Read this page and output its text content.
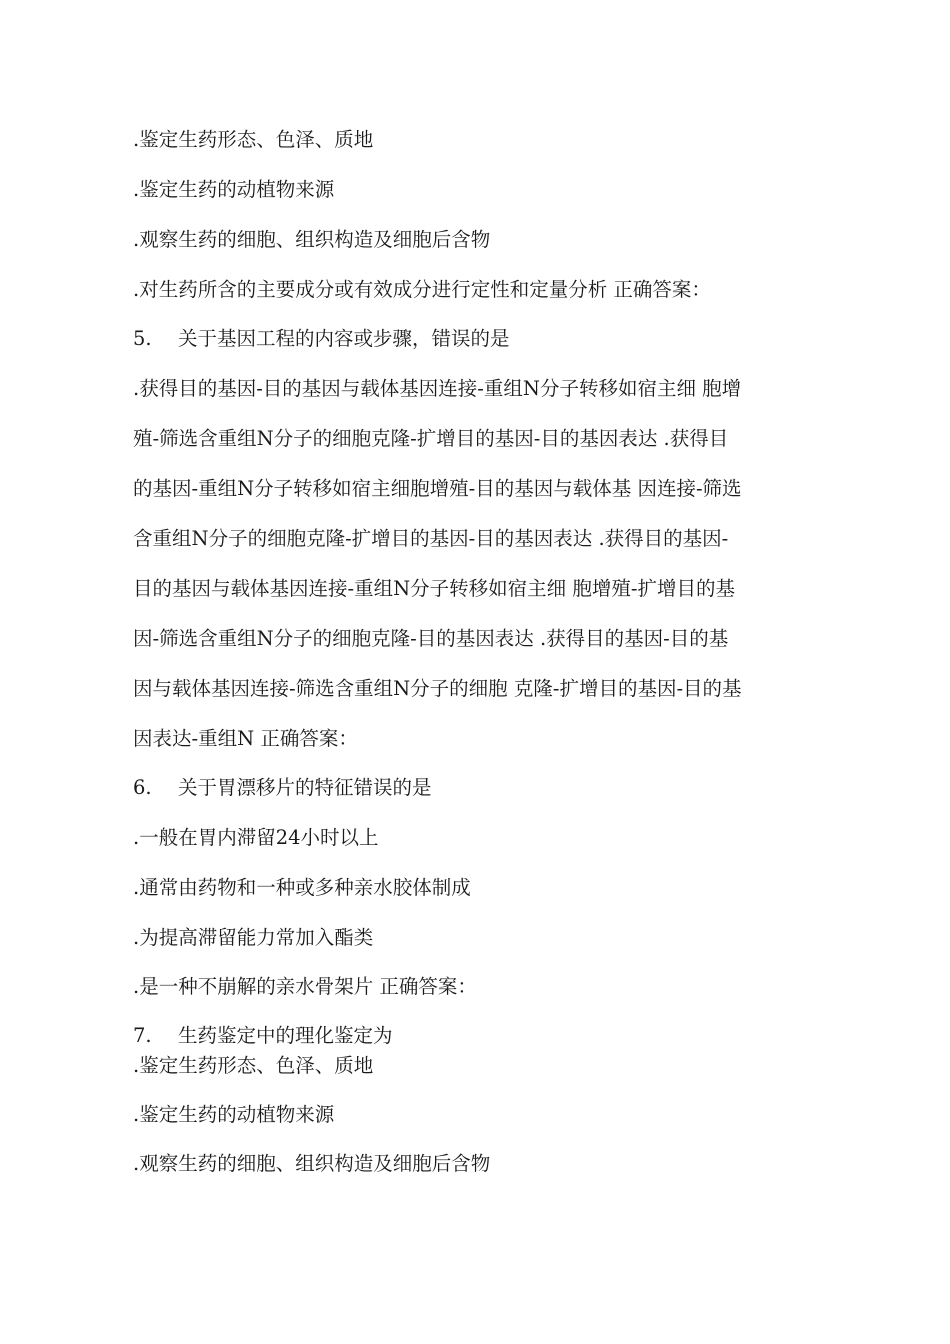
.鉴定生药形态、色泽、质地
.鉴定生药的动植物来源
.观察生药的细胞、组织构造及细胞后含物
.对生药所含的主要成分或有效成分进行定性和定量分析 正确答案：
5. 关于基因工程的内容或步骤，错误的是
.获得目的基因-目的基因与载体基因连接-重组N分子转移如宿主细 胞增
殖-筛选含重组N分子的细胞克隆-扩增目的基因-目的基因表达 .获得目
的基因-重组N分子转移如宿主细胞增殖-目的基因与载体基 因连接-筛选
含重组N分子的细胞克隆-扩增目的基因-目的基因表达 .获得目的基因-
目的基因与载体基因连接-重组N分子转移如宿主细 胞增殖-扩增目的基
因-筛选含重组N分子的细胞克隆-目的基因表达 .获得目的基因-目的基
因与载体基因连接-筛选含重组N分子的细胞 克隆-扩增目的基因-目的基
因表达-重组N 正确答案：
6. 关于胃漂移片的特征错误的是
.一般在胃内滞留24小时以上
.通常由药物和一种或多种亲水胶体制成
.为提高滞留能力常加入酯类
.是一种不崩解的亲水骨架片 正确答案：
7. 生药鉴定中的理化鉴定为
.鉴定生药形态、色泽、质地
.鉴定生药的动植物来源
.观察生药的细胞、组织构造及细胞后含物
